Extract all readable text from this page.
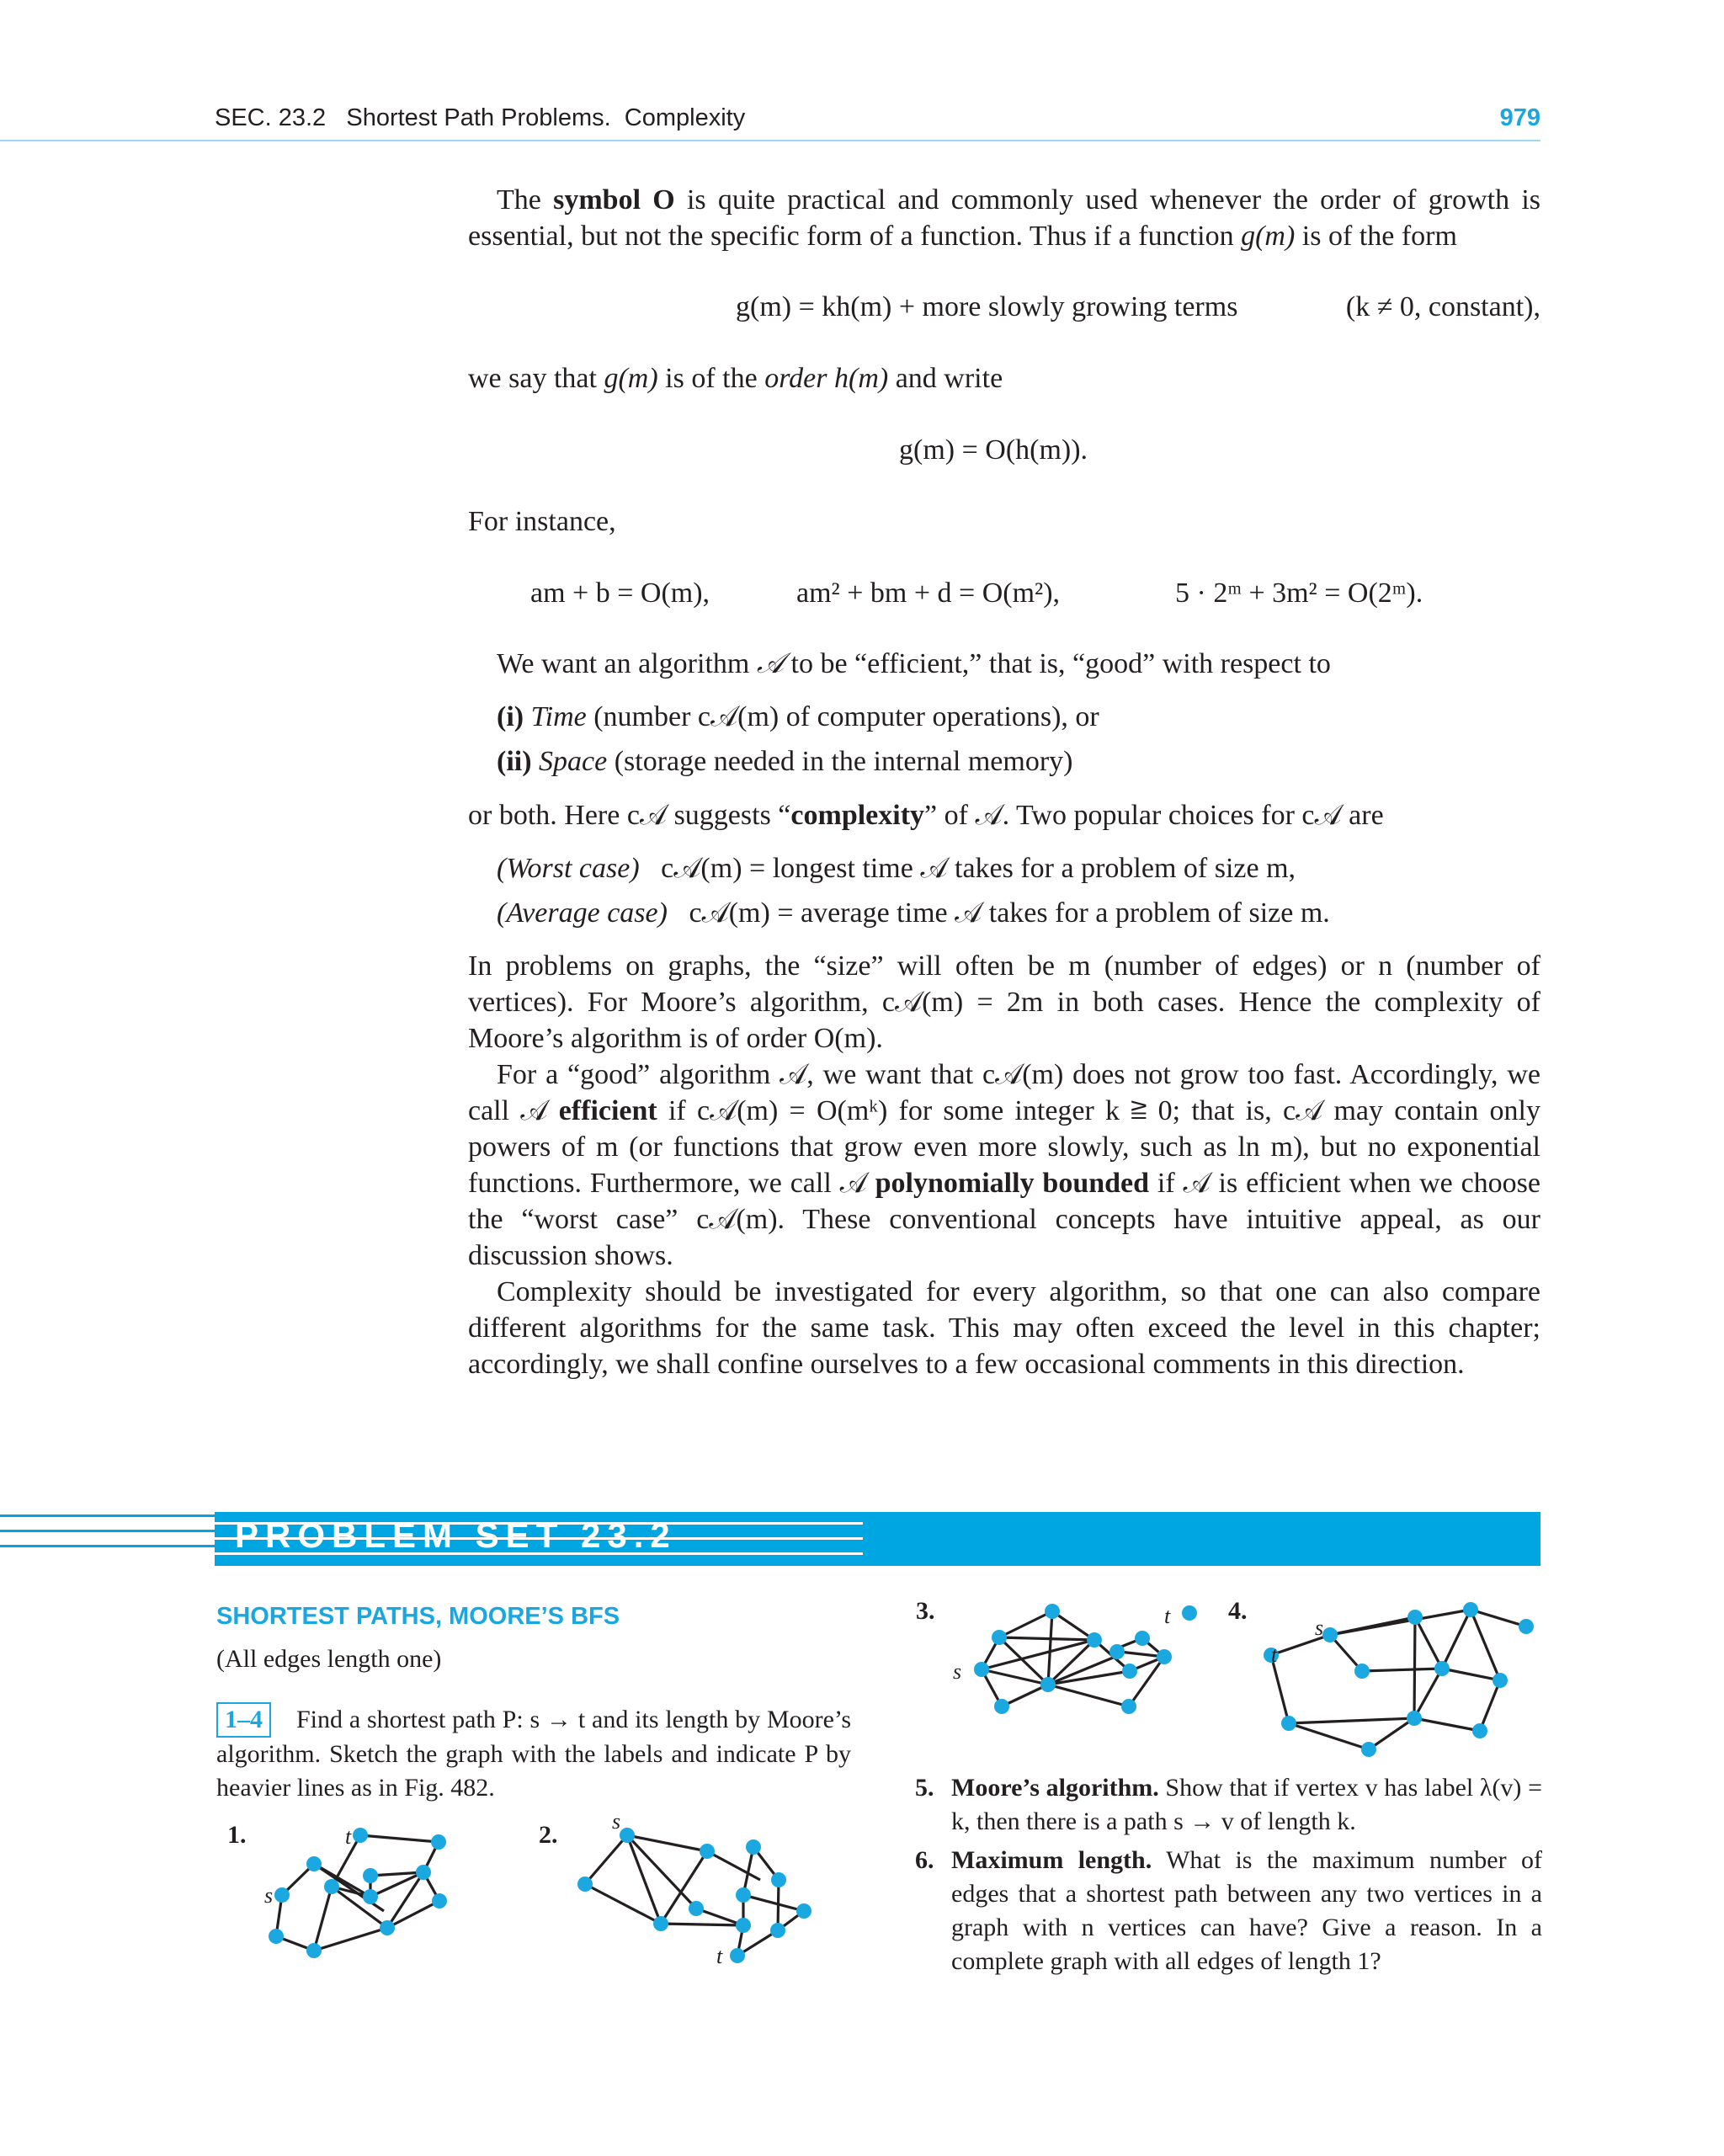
SEC. 23.2 Shortest Path Problems.  Complexity	979

The symbol O is quite practical and commonly used whenever the order of growth is essential, but not the specific form of a function. Thus if a function g(m) is of the form

g(m) = kh(m) + more slowly growing terms	(k ≠ 0, constant),

we say that g(m) is of the order h(m) and write

g(m) = O(h(m)).

For instance,

am + b = O(m),	am² + bm + d = O(m²),	5 · 2ᵐ + 3m² = O(2ᵐ).

We want an algorithm 𝒜 to be “efficient,” that is, “good” with respect to

(i) Time (number c𝒜(m) of computer operations), or
(ii) Space (storage needed in the internal memory)

or both. Here c𝒜 suggests “complexity” of 𝒜. Two popular choices for c𝒜 are

(Worst case) c𝒜(m) = longest time 𝒜 takes for a problem of size m,
(Average case) c𝒜(m) = average time 𝒜 takes for a problem of size m.

In problems on graphs, the “size” will often be m (number of edges) or n (number of vertices). For Moore’s algorithm, c𝒜(m) = 2m in both cases. Hence the complexity of Moore’s algorithm is of order O(m).

For a “good” algorithm 𝒜, we want that c𝒜(m) does not grow too fast. Accordingly, we call 𝒜 efficient if c𝒜(m) = O(mᵏ) for some integer k ≧ 0; that is, c𝒜 may contain only powers of m (or functions that grow even more slowly, such as ln m), but no exponential functions. Furthermore, we call 𝒜 polynomially bounded if 𝒜 is efficient when we choose the “worst case” c𝒜(m). These conventional concepts have intuitive appeal, as our discussion shows.

Complexity should be investigated for every algorithm, so that one can also compare different algorithms for the same task. This may often exceed the level in this chapter; accordingly, we shall confine ourselves to a few occasional comments in this direction.

PROBLEM SET 23.2
SHORTEST PATHS, MOORE’S BFS
(All edges length one)
1–4 Find a shortest path P: s → t and its length by Moore’s algorithm. Sketch the graph with the labels and indicate P by heavier lines as in Fig. 482.
1.	2.
3.	4.
s
t
s
t
s
t	s
t
5. Moore’s algorithm. Show that if vertex v has label λ(v) = k, then there is a path s → v of length k.
6. Maximum length. What is the maximum number of edges that a shortest path between any two vertices in a graph with n vertices can have? Give a reason. In a complete graph with all edges of length 1?
